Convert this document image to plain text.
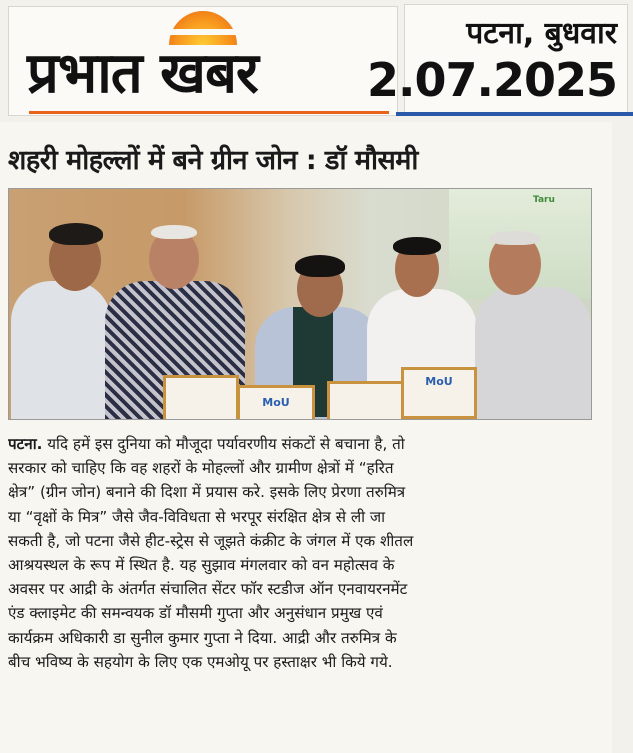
प्रभात खबर
पटना, बुधवार
2.07.2025
शहरी मोहल्लों में बने ग्रीन जोन : डॉ मौसमी
Taru
MoU
MoU
पटना. यदि हमें इस दुनिया को मौजूदा पर्यावरणीय संकटों से बचाना है, तो
सरकार को चाहिए कि वह शहरों के मोहल्लों और ग्रामीण क्षेत्रों में “हरित
क्षेत्र” (ग्रीन जोन) बनाने की दिशा में प्रयास करे. इसके लिए प्रेरणा तरुमित्र
या “वृक्षों के मित्र” जैसे जैव-विविधता से भरपूर संरक्षित क्षेत्र से ली जा
सकती है, जो पटना जैसे हीट-स्ट्रेस से जूझते कंक्रीट के जंगल में एक शीतल
आश्रयस्थल के रूप में स्थित है. यह सुझाव मंगलवार को वन महोत्सव के
अवसर पर आद्री के अंतर्गत संचालित सेंटर फॉर स्टडीज ऑन एनवायरनमेंट
एंड क्लाइमेट की समन्वयक डॉ मौसमी गुप्ता और अनुसंधान प्रमुख एवं
कार्यक्रम अधिकारी डा सुनील कुमार गुप्ता ने दिया. आद्री और तरुमित्र के
बीच भविष्य के सहयोग के लिए एक एमओयू पर हस्ताक्षर भी किये गये.
